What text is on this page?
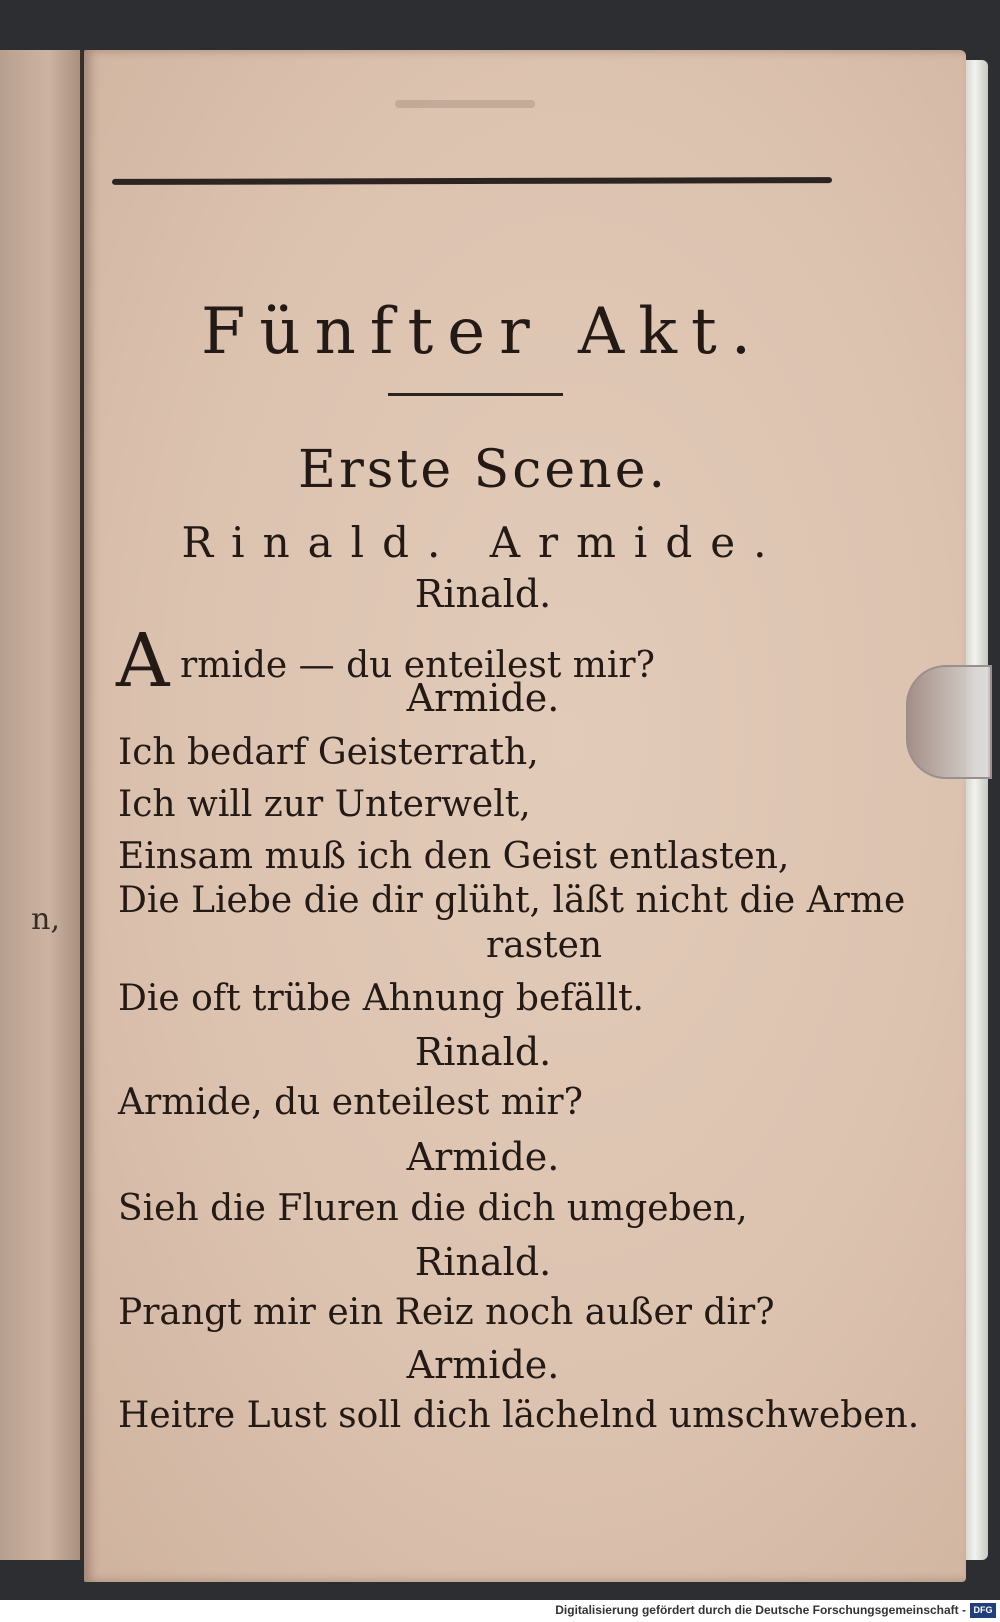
n,
Fünfter Akt.
Erste Scene.
Rinald. Armide.
Rinald.
A rmide — du enteilest mir?
Armide.
Ich bedarf Geisterrath,
Ich will zur Unterwelt,
Einsam muß ich den Geist entlasten,
Die Liebe die dir glüht, läßt nicht die Arme
rasten
Die oft trübe Ahnung befällt.
Rinald.
Armide, du enteilest mir?
Armide.
Sieh die Fluren die dich umgeben,
Rinald.
Prangt mir ein Reiz noch außer dir?
Armide.
Heitre Lust soll dich lächelnd umschweben.
Digitalisierung gefördert durch die Deutsche Forschungsgemeinschaft - DFG
